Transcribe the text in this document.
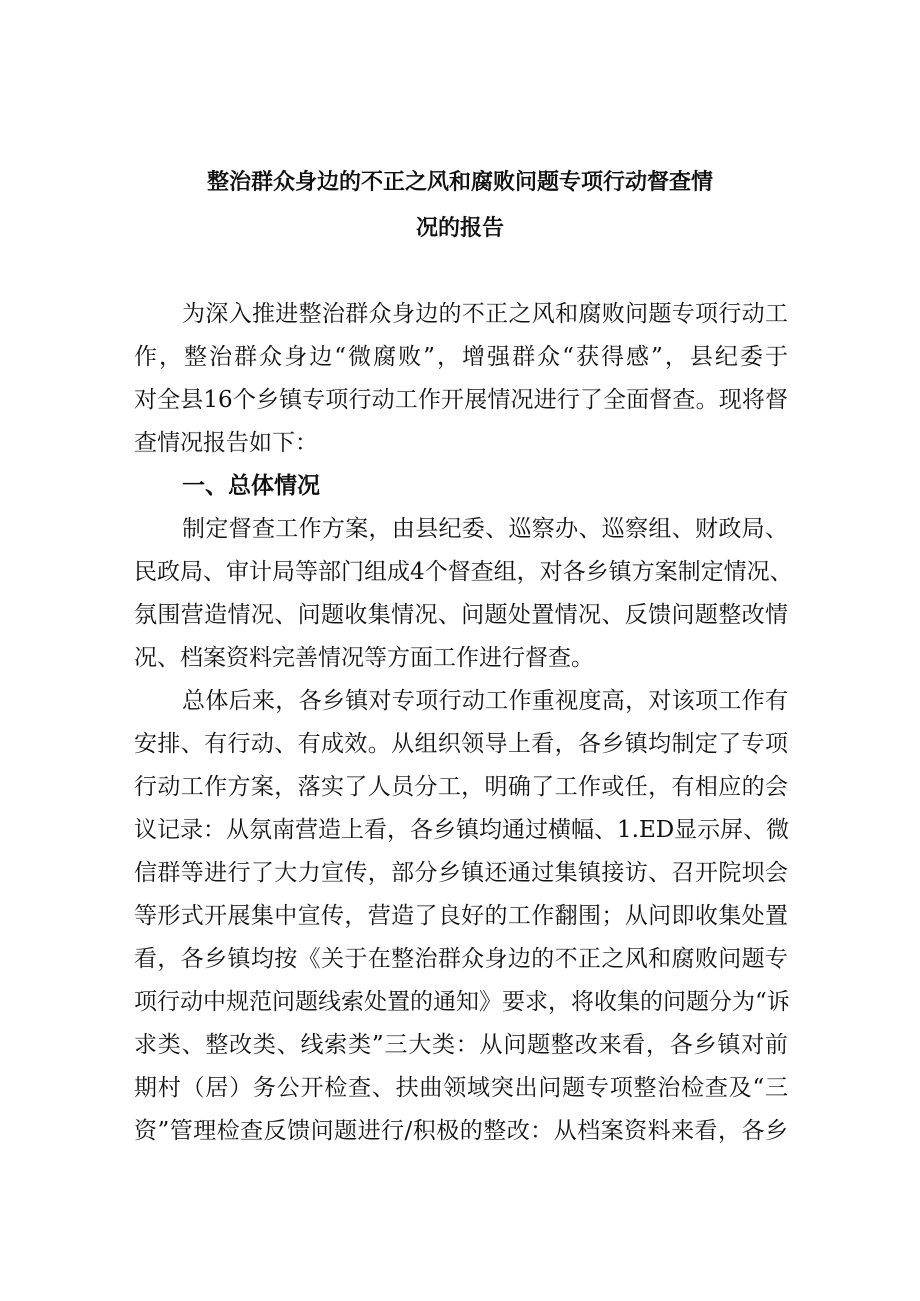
整治群众身边的不正之风和腐败问题专项行动督查情
况的报告
为深入推进整治群众身边的不正之风和腐败问题专项行动工
作，整治群众身边“微腐败”，增强群众“获得感”，县纪委于
对全县16个乡镇专项行动工作开展情况进行了全面督查。现将督
查情况报告如下：
一、总体情况
制定督查工作方案，由县纪委、巡察办、巡察组、财政局、
民政局、审计局等部门组成4个督查组，对各乡镇方案制定情况、
氛围营造情况、问题收集情况、问题处置情况、反馈问题整改情
况、档案资料完善情况等方面工作进行督查。
总体后来，各乡镇对专项行动工作重视度高，对该项工作有
安排、有行动、有成效。从组织领导上看，各乡镇均制定了专项
行动工作方案，落实了人员分工，明确了工作或任，有相应的会
议记录：从氛南营造上看，各乡镇均通过横幅、1.ED显示屏、微
信群等进行了大力宣传，部分乡镇还通过集镇接访、召开院坝会
等形式开展集中宣传，营造了良好的工作翻围；从问即收集处置
看，各乡镇均按《关于在整治群众身边的不正之风和腐败问题专
项行动中规范问题线索处置的通知》要求，将收集的问题分为“诉
求类、整改类、线索类”三大类：从问题整改来看，各乡镇对前
期村（居）务公开检查、扶曲领域突出问题专项整治检查及“三
资”管理检查反馈问题进行/积极的整改：从档案资料来看，各乡
